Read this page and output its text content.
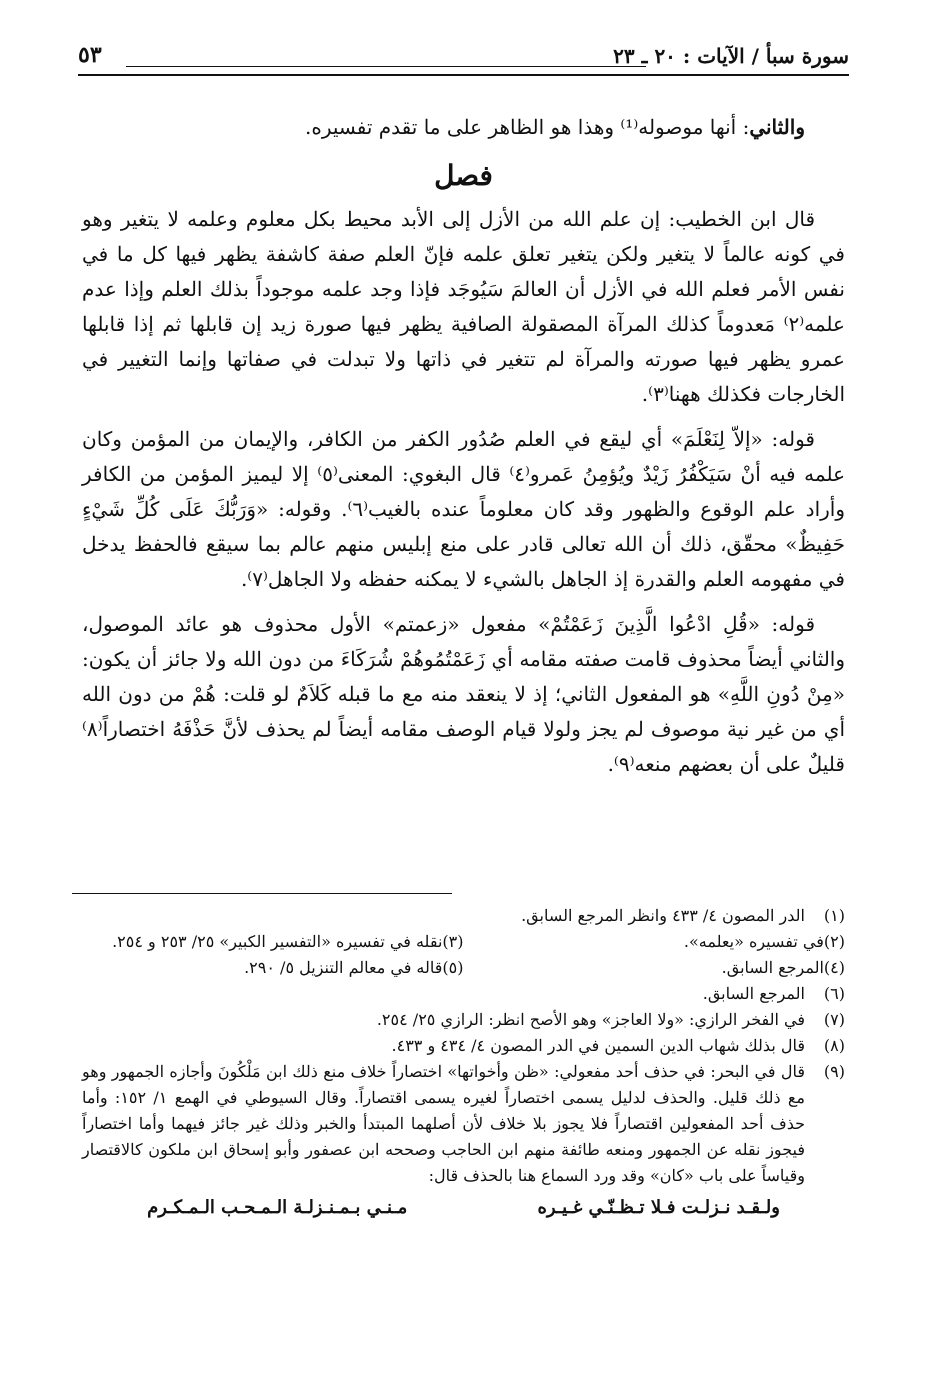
سورة سبأ / الآيات : ٢٠ ـ ٢٣
٥٣

والثاني: أنها موصوله⁽¹⁾ وهذا هو الظاهر على ما تقدم تفسيره.

فصل

قال ابن الخطيب: إن علم الله من الأزل إلى الأبد محيط بكل معلوم وعلمه لا يتغير وهو في كونه عالماً لا يتغير ولكن يتغير تعلق علمه فإنّ العلم صفة كاشفة يظهر فيها كل ما في نفس الأمر فعلم الله في الأزل أن العالمَ سَيُوجَد فإذا وجد علمه موجوداً بذلك العلم وإذا عدم علمه⁽٢⁾ مَعدوماً كذلك المرآة المصقولة الصافية يظهر فيها صورة زيد إن قابلها ثم إذا قابلها عمرو يظهر فيها صورته والمرآة لم تتغير في ذاتها ولا تبدلت في صفاتها وإنما التغيير في الخارجات فكذلك ههنا⁽٣⁾.

قوله: «إلاّ لِنَعْلَمَ» أي ليقع في العلم صُدُور الكفر من الكافر، والإيمان من المؤمن وكان علمه فيه أنْ سَيَكْفُرُ زَيْدٌ ويُؤمِنُ عَمرو⁽٤⁾ قال البغوي: المعنى⁽٥⁾ إلا ليميز المؤمن من الكافر وأراد علم الوقوع والظهور وقد كان معلوماً عنده بالغيب⁽٦⁾. وقوله: «وَرَبُّكَ عَلَى كُلِّ شَيْءٍ حَفِيظٌ» محقّق، ذلك أن الله تعالى قادر على منع إبليس منهم عالم بما سيقع فالحفظ يدخل في مفهومه العلم والقدرة إذ الجاهل بالشيء لا يمكنه حفظه ولا الجاهل⁽٧⁾.

قوله: «قُلِ ادْعُوا الَّذِينَ زَعَمْتُمْ» مفعول «زعمتم» الأول محذوف هو عائد الموصول، والثاني أيضاً محذوف قامت صفته مقامه أي زَعَمْتُمُوهُمْ شُرَكَاءَ من دون الله ولا جائز أن يكون: «مِنْ دُونِ اللَّهِ» هو المفعول الثاني؛ إذ لا ينعقد منه مع ما قبله كَلاَمٌ لو قلت: هُمْ من دون الله أي من غير نية موصوف لم يجز ولولا قيام الوصف مقامه أيضاً لم يحذف لأنَّ حَذْفَهُ اختصاراً⁽٨⁾ قليلٌ على أن بعضهم منعه⁽٩⁾.

(١)
الدر المصون ٤/ ٤٣٣ وانظر المرجع السابق.
(٢)
في تفسيره «يعلمه».
(٣)
نقله في تفسيره «التفسير الكبير» ٢٥/ ٢٥٣ و ٢٥٤.
(٤)
المرجع السابق.
(٥)
قاله في معالم التنزيل ٥/ ٢٩٠.
(٦)
المرجع السابق.
(٧)
في الفخر الرازي: «ولا العاجز» وهو الأصح انظر: الرازي ٢٥/ ٢٥٤.
(٨)
قال بذلك شهاب الدين السمين في الدر المصون ٤/ ٤٣٤ و ٤٣٣.
(٩)
قال في البحر: في حذف أحد مفعولي: «ظن وأخواتها» اختصاراً خلاف منع ذلك ابن مَلْكُونَ وأجازه الجمهور وهو مع ذلك قليل. والحذف لدليل يسمى اختصاراً لغيره يسمى اقتصاراً. وقال السيوطي في الهمع ١/ ١٥٢: وأما حذف أحد المفعولين اقتصاراً فلا يجوز بلا خلاف لأن أصلهما المبتدأ والخبر وذلك غير جائز فيهما وأما اختصاراً فيجوز نقله عن الجمهور ومنعه طائفة منهم ابن الحاجب وصححه ابن عصفور وأبو إسحاق ابن ملكون كالاقتصار وقياساً على باب «كان» وقد ورد السماع هنا بالحذف قال:
ولـقـد نـزلـت فـلا تـظـنّـي غـيـره
مـنـي بـمـنـزلـة الـمـحـب الـمـكـرم
